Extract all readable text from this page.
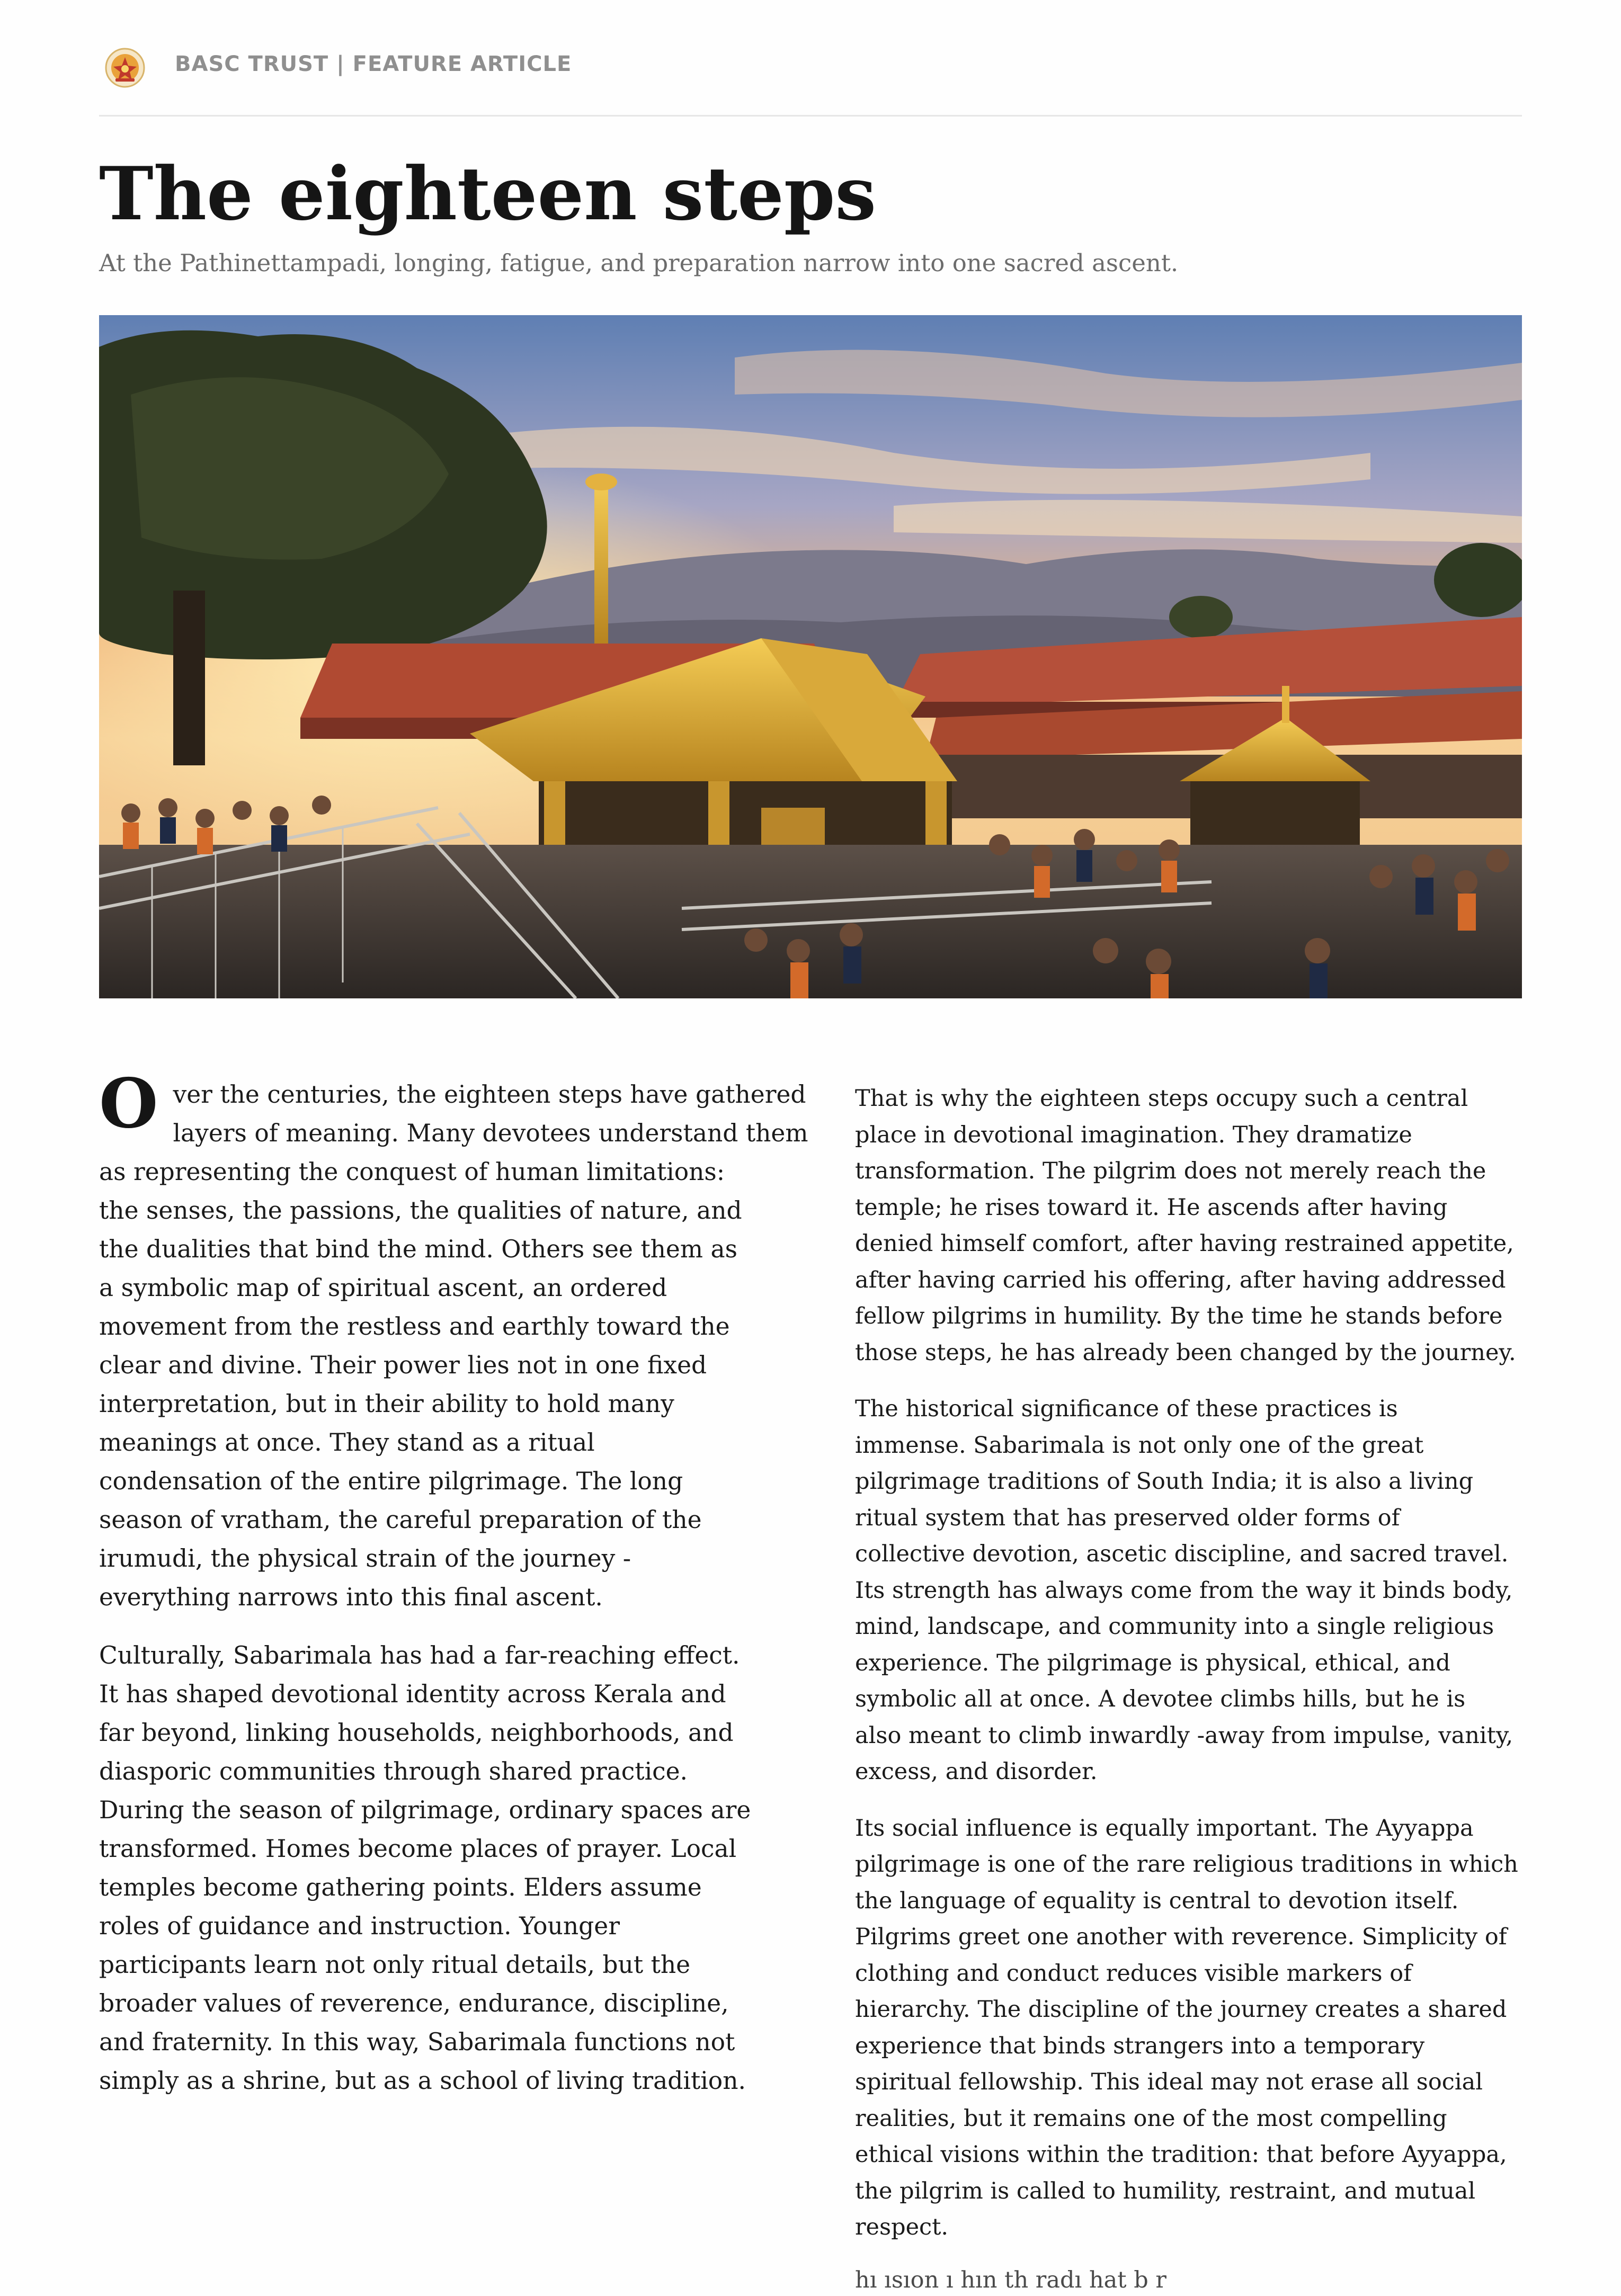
BASC TRUST | FEATURE ARTICLE
The eighteen steps
At the Pathinettampadi, longing, fatigue, and preparation narrow into one sacred ascent.

Over the centuries, the eighteen steps have gathered
layers of meaning. Many devotees understand them
as representing the conquest of human limitations:
the senses, the passions, the qualities of nature, and
the dualities that bind the mind. Others see them as
a symbolic map of spiritual ascent, an ordered
movement from the restless and earthly toward the
clear and divine. Their power lies not in one fixed
interpretation, but in their ability to hold many
meanings at once. They stand as a ritual
condensation of the entire pilgrimage. The long
season of vratham, the careful preparation of the
irumudi, the physical strain of the journey -
everything narrows into this final ascent.

Culturally, Sabarimala has had a far-reaching effect.
It has shaped devotional identity across Kerala and
far beyond, linking households, neighborhoods, and
diasporic communities through shared practice.
During the season of pilgrimage, ordinary spaces are
transformed. Homes become places of prayer. Local
temples become gathering points. Elders assume
roles of guidance and instruction. Younger
participants learn not only ritual details, but the
broader values of reverence, endurance, discipline,
and fraternity. In this way, Sabarimala functions not
simply as a shrine, but as a school of living tradition.

That is why the eighteen steps occupy such a central
place in devotional imagination. They dramatize
transformation. The pilgrim does not merely reach the
temple; he rises toward it. He ascends after having
denied himself comfort, after having restrained appetite,
after having carried his offering, after having addressed
fellow pilgrims in humility. By the time he stands before
those steps, he has already been changed by the journey.

The historical significance of these practices is
immense. Sabarimala is not only one of the great
pilgrimage traditions of South India; it is also a living
ritual system that has preserved older forms of
collective devotion, ascetic discipline, and sacred travel.
Its strength has always come from the way it binds body,
mind, landscape, and community into a single religious
experience. The pilgrimage is physical, ethical, and
symbolic all at once. A devotee climbs hills, but he is
also meant to climb inwardly -away from impulse, vanity,
excess, and disorder.

Its social influence is equally important. The Ayyappa
pilgrimage is one of the rare religious traditions in which
the language of equality is central to devotion itself.
Pilgrims greet one another with reverence. Simplicity of
clothing and conduct reduces visible markers of
hierarchy. The discipline of the journey creates a shared
experience that binds strangers into a temporary
spiritual fellowship. This ideal may not erase all social
realities, but it remains one of the most compelling
ethical visions within the tradition: that before Ayyappa,
the pilgrim is called to humility, restraint, and mutual
respect.

hı ısıon ı hın th radı hat b r
